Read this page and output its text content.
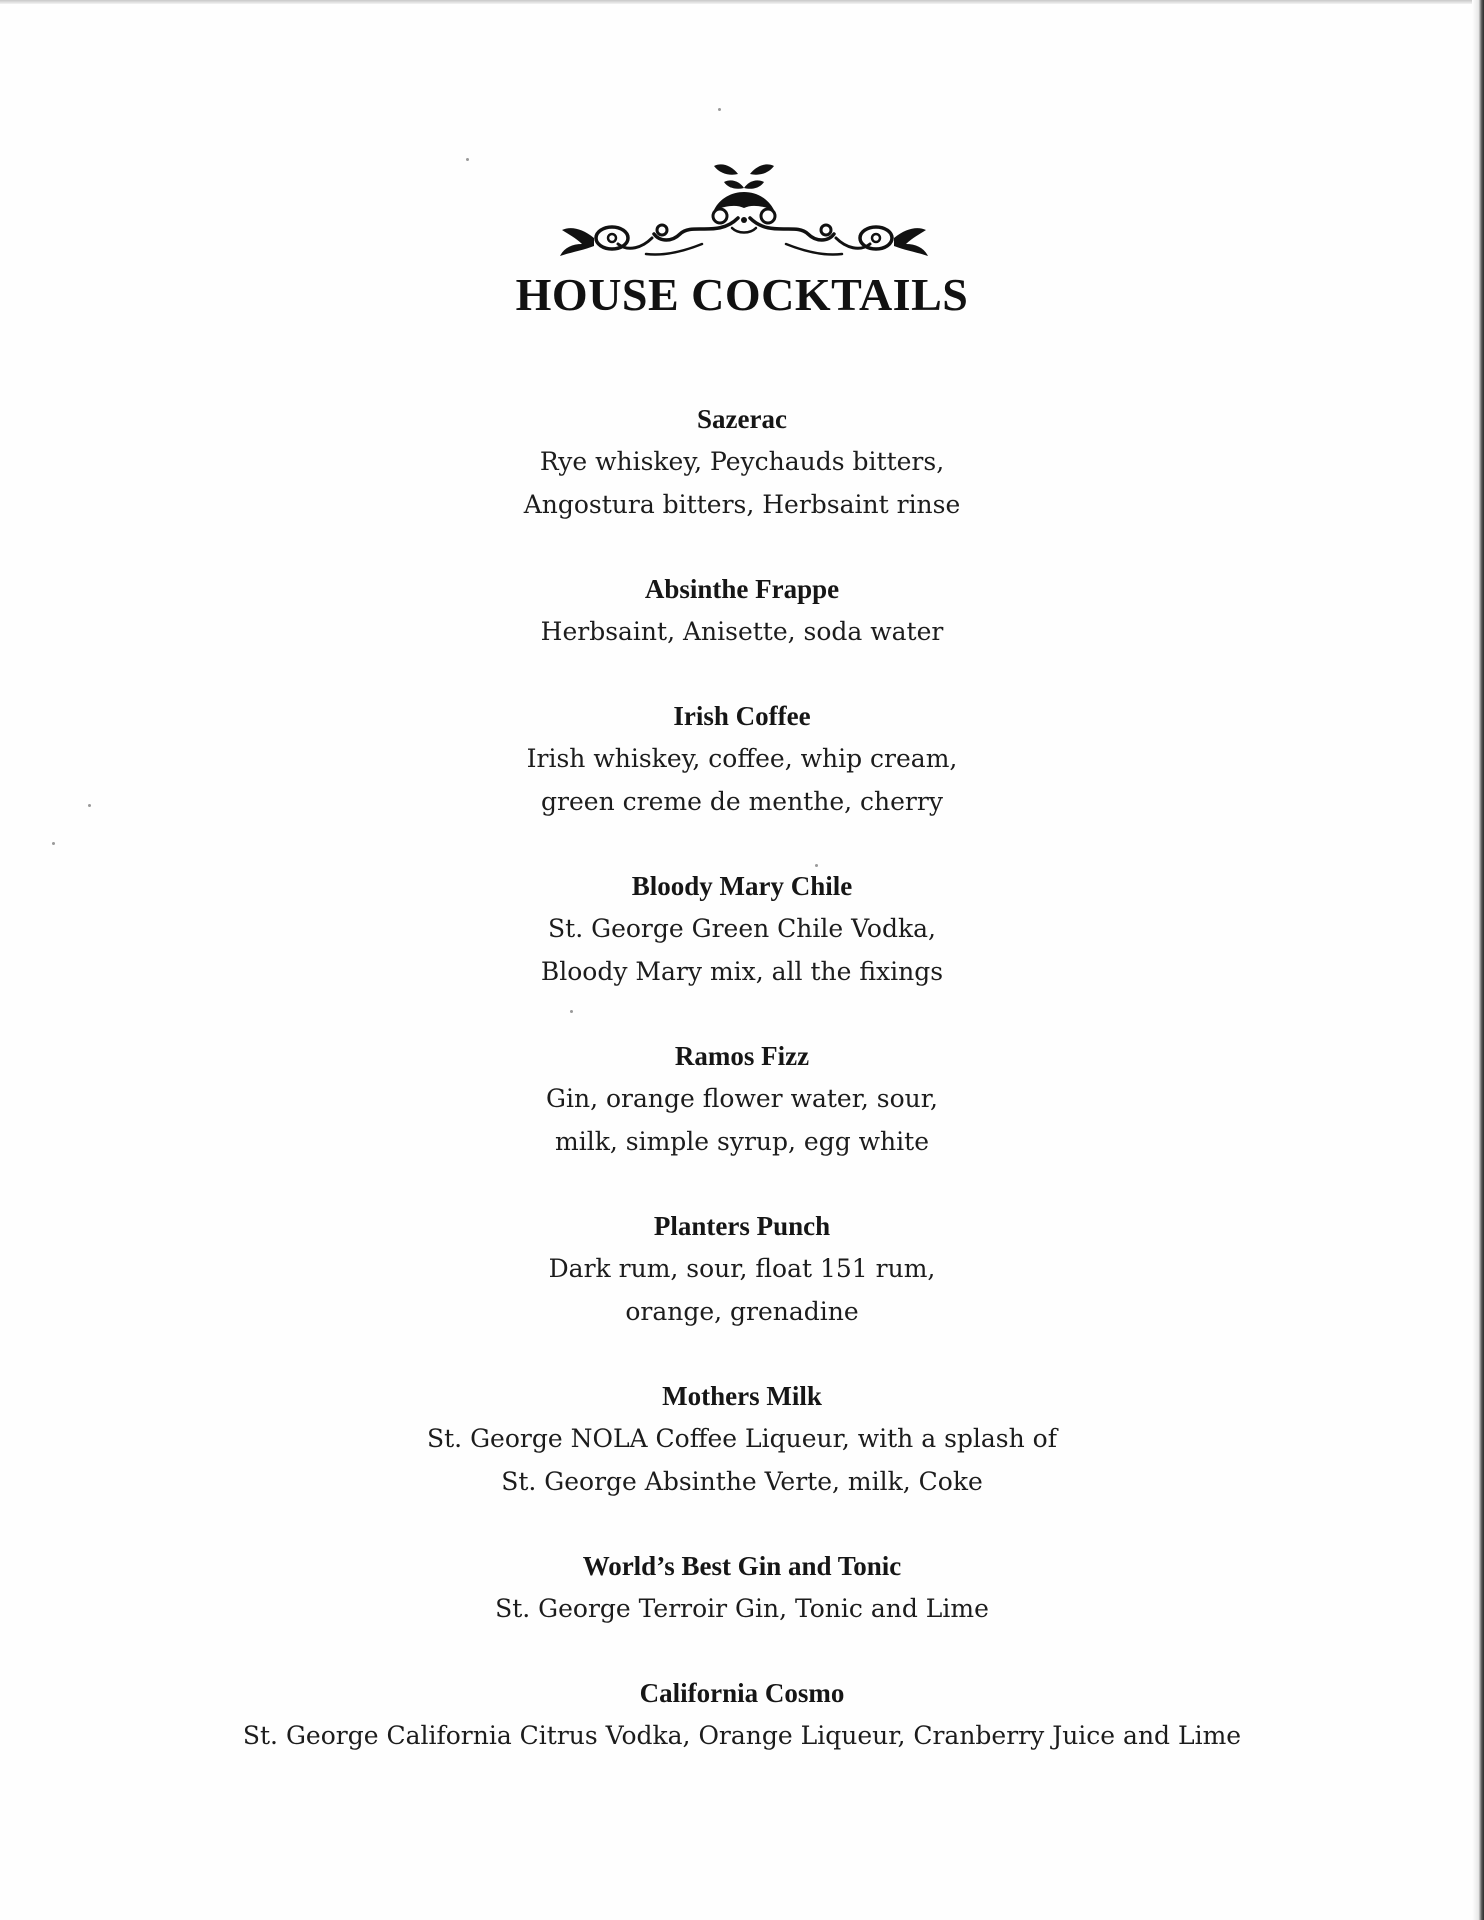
HOUSE COCKTAILS
Sazerac
Rye whiskey, Peychauds bitters,
Angostura bitters, Herbsaint rinse
Absinthe Frappe
Herbsaint, Anisette, soda water
Irish Coffee
Irish whiskey, coffee, whip cream,
green creme de menthe, cherry
Bloody Mary Chile
St. George Green Chile Vodka,
Bloody Mary mix, all the fixings
Ramos Fizz
Gin, orange flower water, sour,
milk, simple syrup, egg white
Planters Punch
Dark rum, sour, float 151 rum,
orange, grenadine
Mothers Milk
St. George NOLA Coffee Liqueur, with a splash of
St. George Absinthe Verte, milk, Coke
World’s Best Gin and Tonic
St. George Terroir Gin, Tonic and Lime
California Cosmo
St. George California Citrus Vodka, Orange Liqueur, Cranberry Juice and Lime
